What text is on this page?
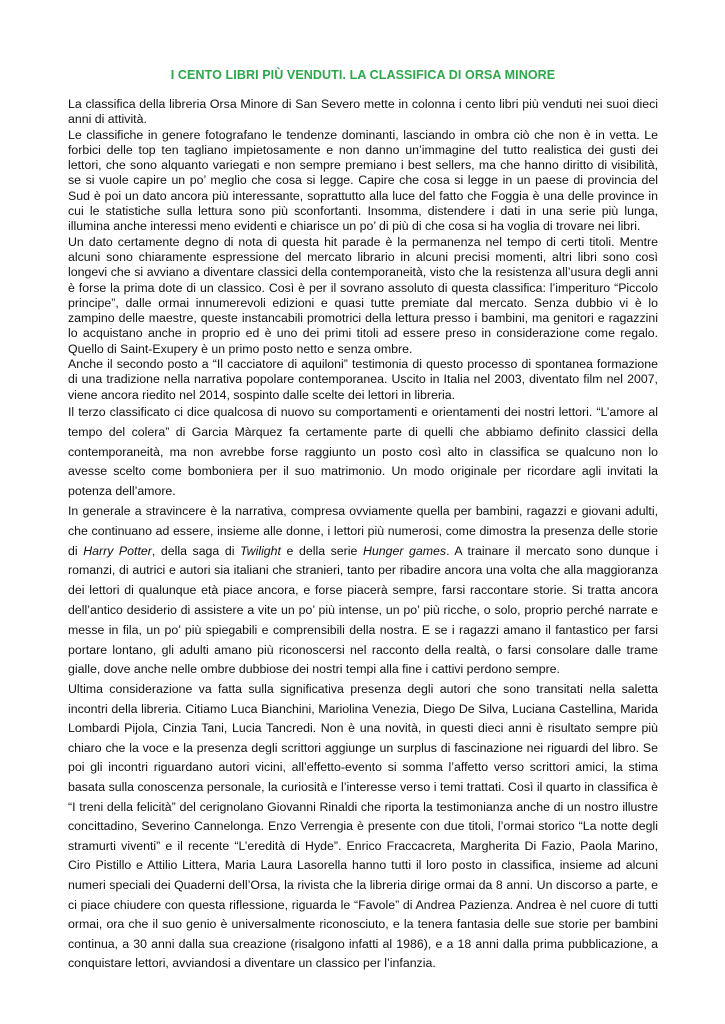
I CENTO LIBRI PIÙ VENDUTI. LA CLASSIFICA DI ORSA MINORE

La classifica della libreria Orsa Minore di San Severo mette in colonna i cento libri più venduti nei suoi dieci anni di attività.

Le classifiche in genere fotografano le tendenze dominanti, lasciando in ombra ciò che non è in vetta. Le forbici delle top ten tagliano impietosamente e non danno un’immagine del tutto realistica dei gusti dei lettori, che sono alquanto variegati e non sempre premiano i best sellers, ma che hanno diritto di visibilità, se si vuole capire un po’ meglio che cosa si legge. Capire che cosa si legge in un paese di provincia del Sud è poi un dato ancora più interessante, soprattutto alla luce del fatto che Foggia è una delle province in cui le statistiche sulla lettura sono più sconfortanti. Insomma, distendere i dati in una serie più lunga, illumina anche interessi meno evidenti e chiarisce un po’ di più di che cosa si ha voglia di trovare nei libri.

Un dato certamente degno di nota di questa hit parade è la permanenza nel tempo di certi titoli. Mentre alcuni sono chiaramente espressione del mercato librario in alcuni precisi momenti, altri libri sono così longevi che si avviano a diventare classici della contemporaneità, visto che la resistenza all’usura degli anni è forse la prima dote di un classico. Così è per il sovrano assoluto di questa classifica: l’imperituro “Piccolo principe”, dalle ormai innumerevoli edizioni e quasi tutte premiate dal mercato. Senza dubbio vi è lo zampino delle maestre, queste instancabili promotrici della lettura presso i bambini, ma genitori e ragazzini lo acquistano anche in proprio ed è uno dei primi titoli ad essere preso in considerazione come regalo. Quello di Saint-Exupery è un primo posto netto e senza ombre.

Anche il secondo posto a “Il cacciatore di aquiloni” testimonia di questo processo di spontanea formazione di una tradizione nella narrativa popolare contemporanea. Uscito in Italia nel 2003, diventato film nel 2007, viene ancora riedito nel 2014, sospinto dalle scelte dei lettori in libreria.

Il terzo classificato ci dice qualcosa di nuovo su comportamenti e orientamenti dei nostri lettori. “L’amore al tempo del colera” di Garcia Màrquez fa certamente parte di quelli che abbiamo definito classici della contemporaneità, ma non avrebbe forse raggiunto un posto così alto in classifica se qualcuno non lo avesse scelto come bomboniera per il suo matrimonio. Un modo originale per ricordare agli invitati la potenza dell’amore.

In generale a stravincere è la narrativa, compresa ovviamente quella per bambini, ragazzi e giovani adulti, che continuano ad essere, insieme alle donne, i lettori più numerosi, come dimostra la presenza delle storie di Harry Potter, della saga di Twilight e della serie Hunger games. A trainare il mercato sono dunque i romanzi, di autrici e autori sia italiani che stranieri, tanto per ribadire ancora una volta che alla maggioranza dei lettori di qualunque età piace ancora, e forse piacerà sempre, farsi raccontare storie. Si tratta ancora dell’antico desiderio di assistere a vite un po’ più intense, un po’ più ricche, o solo, proprio perché narrate e messe in fila, un po’ più spiegabili e comprensibili della nostra. E se i ragazzi amano il fantastico per farsi portare lontano, gli adulti amano più riconoscersi nel racconto della realtà, o farsi consolare dalle trame gialle, dove anche nelle ombre dubbiose dei nostri tempi alla fine i cattivi perdono sempre.

Ultima considerazione va fatta sulla significativa presenza degli autori che sono transitati nella saletta incontri della libreria. Citiamo Luca Bianchini, Mariolina Venezia, Diego De Silva, Luciana Castellina, Marida Lombardi Pijola, Cinzia Tani, Lucia Tancredi. Non è una novità, in questi dieci anni è risultato sempre più chiaro che la voce e la presenza degli scrittori aggiunge un surplus di fascinazione nei riguardi del libro. Se poi gli incontri riguardano autori vicini, all’effetto-evento si somma l’affetto verso scrittori amici, la stima basata sulla conoscenza personale, la curiosità e l’interesse verso i temi trattati. Così il quarto in classifica è “I treni della felicità” del cerignolano Giovanni Rinaldi che riporta la testimonianza anche di un nostro illustre concittadino, Severino Cannelonga. Enzo Verrengia è presente con due titoli, l’ormai storico “La notte degli stramurti viventi” e il recente “L’eredità di Hyde”. Enrico Fraccacreta, Margherita Di Fazio, Paola Marino, Ciro Pistillo e Attilio Littera, Maria Laura Lasorella hanno tutti il loro posto in classifica, insieme ad alcuni numeri speciali dei Quaderni dell’Orsa, la rivista che la libreria dirige ormai da 8 anni. Un discorso a parte, e ci piace chiudere con questa riflessione, riguarda le “Favole” di Andrea Pazienza. Andrea è nel cuore di tutti ormai, ora che il suo genio è universalmente riconosciuto, e la tenera fantasia delle sue storie per bambini continua, a 30 anni dalla sua creazione (risalgono infatti al 1986), e a 18 anni dalla prima pubblicazione, a conquistare lettori, avviandosi a diventare un classico per l’infanzia.
